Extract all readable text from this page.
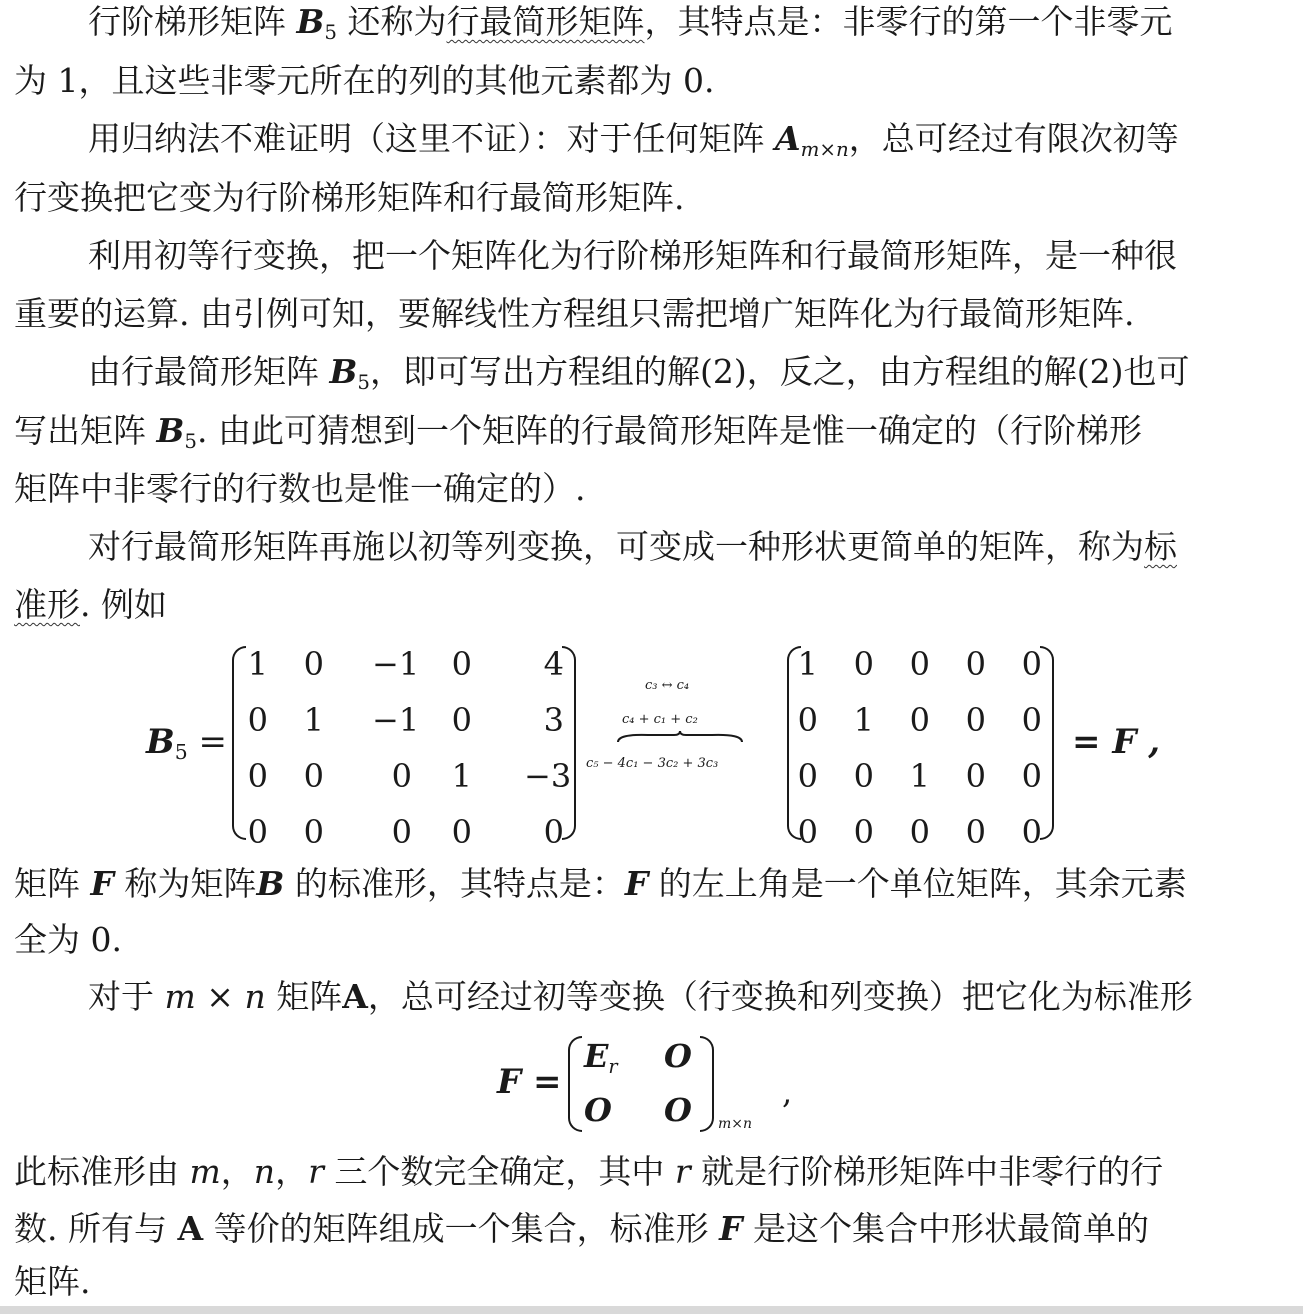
行阶梯形矩阵 $B_5$ 还称为行最简形矩阵，其特点是：非零行的第一个非零元
为 1，且这些非零元所在的列的其他元素都为 0.
用归纳法不难证明（这里不证）：对于任何矩阵 $A_{m\times n}$，总可经过有限次初等
行变换把它变为行阶梯形矩阵和行最简形矩阵.
利用初等行变换，把一个矩阵化为行阶梯形矩阵和行最简形矩阵，是一种很
重要的运算. 由引例可知，要解线性方程组只需把增广矩阵化为行最简形矩阵.
由行最简形矩阵 $B_5$，即可写出方程组的解(2)，反之，由方程组的解(2)也可
写出矩阵 $B_5$. 由此可猜想到一个矩阵的行最简形矩阵是惟一确定的（行阶梯形
矩阵中非零行的行数也是惟一确定的）.
对行最简形矩阵再施以初等列变换，可变成一种形状更简单的矩阵，称为标
准形. 例如
$B_5$ =
1	0 −1	0	4
0	1 −1	0	3
0	0	0	1 −3
0	0	0	0	0
c₃ ↔ c₄
c₄ + c₁ + c₂
c₅ − 4c₁ − 3c₂ + 3c₃
1	0	0	0	0
0	1	0	0	0
0	0	1	0	0
0	0	0	0	0
= F ,
矩阵 F 称为矩阵B 的标准形，其特点是：F 的左上角是一个单位矩阵，其余元素
全为 0.
对于 m × n 矩阵A，总可经过初等变换（行变换和列变换）把它化为标准形
F =
$E_r$ O
O O m×n
,
此标准形由 m，n，r 三个数完全确定，其中 r 就是行阶梯形矩阵中非零行的行
数. 所有与 A 等价的矩阵组成一个集合，标准形 F 是这个集合中形状最简单的
矩阵.
